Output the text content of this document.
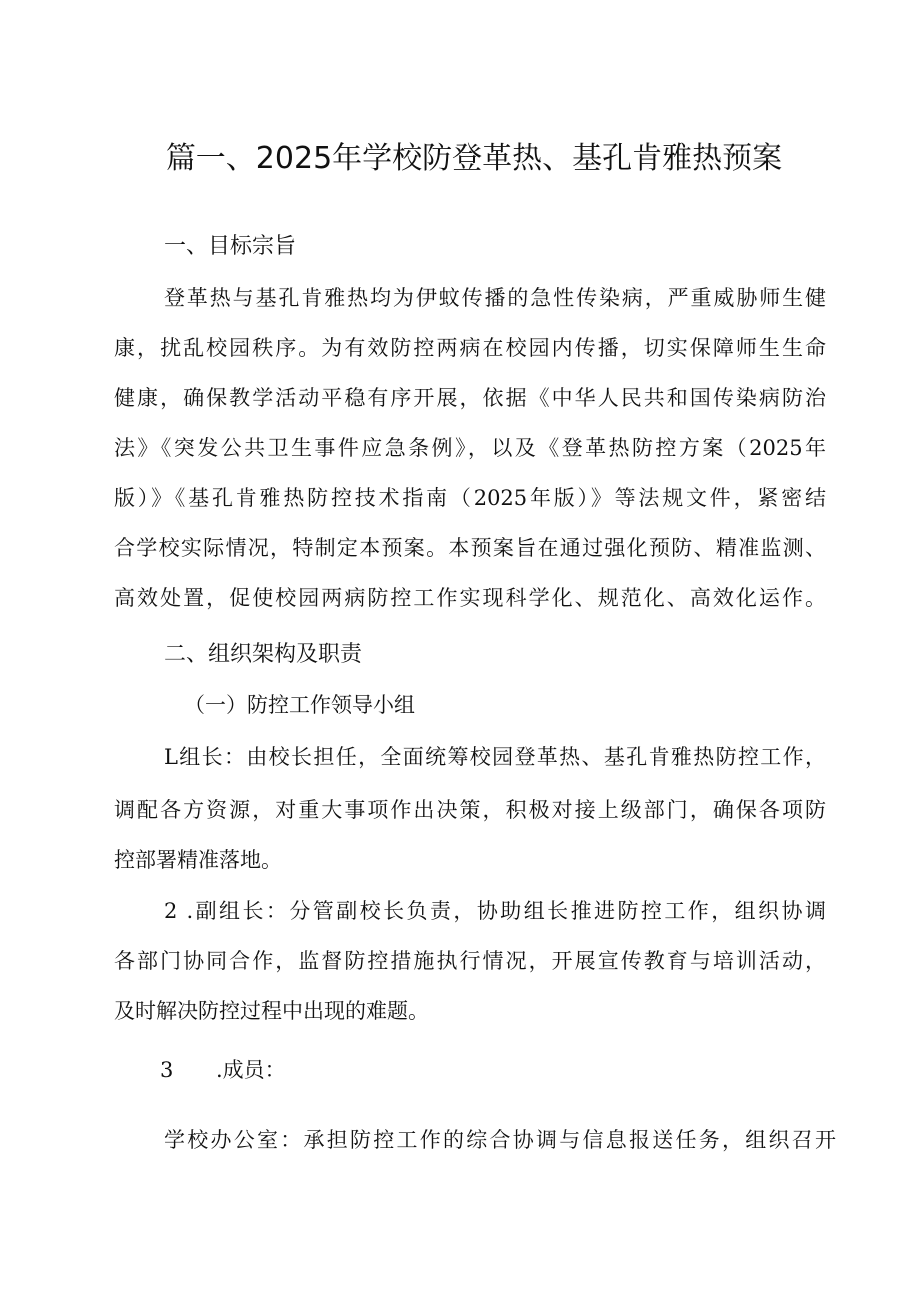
篇一、2025年学校防登革热、基孔肯雅热预案
一、目标宗旨
登革热与基孔肯雅热均为伊蚊传播的急性传染病，严重威胁师生健
康，扰乱校园秩序。为有效防控两病在校园内传播，切实保障师生生命
健康，确保教学活动平稳有序开展，依据《中华人民共和国传染病防治
法》《突发公共卫生事件应急条例》，以及《登革热防控方案（2025年
版）》《基孔肯雅热防控技术指南（2025年版）》等法规文件，紧密结
合学校实际情况，特制定本预案。本预案旨在通过强化预防、精准监测、
高效处置，促使校园两病防控工作实现科学化、规范化、高效化运作。
二、组织架构及职责
（一）防控工作领导小组
L组长：由校长担任，全面统筹校园登革热、基孔肯雅热防控工作，
调配各方资源，对重大事项作出决策，积极对接上级部门，确保各项防
控部署精准落地。
2 .副组长：分管副校长负责，协助组长推进防控工作，组织协调
各部门协同合作，监督防控措施执行情况，开展宣传教育与培训活动，
及时解决防控过程中出现的难题。
3 .成员：
学校办公室：承担防控工作的综合协调与信息报送任务，组织召开
